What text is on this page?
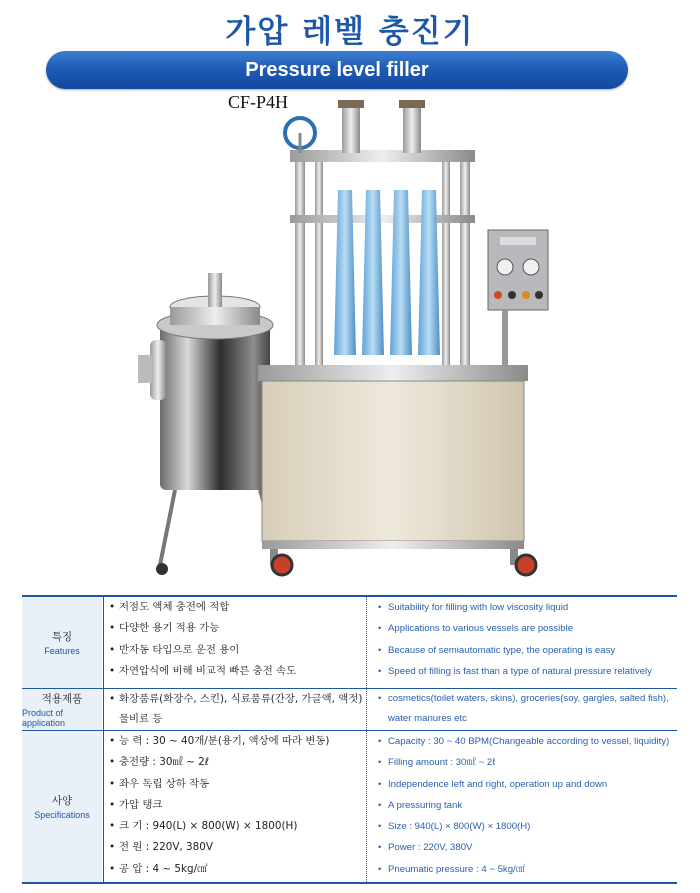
가압 레벨 충진기
Pressure level filler
CF-P4H
특징
Features
• 저점도 액체 충전에 적합
• 다양한 용기 적용 가능
• 반자동 타입으로 운전 용이
• 자연압식에 비해 비교적 빠른 충전 속도
• Suitability for filling with low viscosity liquid
• Applications to various vessels are possible
• Because of semiautomatic type, the operating is easy
• Speed of filling is fast than a type of natural pressure relatively
적용제품
Product of application
• 화장품류(화장수, 스킨), 식료품류(간장, 가글액, 액젓)
물비료 등
• cosmetics(toilet waters, skins), groceries(soy, gargles, salted fish),
water manures etc
사양
Specifications
• 능 력 : 30 ~ 40개/분(용기, 액상에 따라 변동)
• 충전량 : 30㎖ ~ 2ℓ
• 좌우 독립 상하 작동
• 가압 탱크
• 크 기 : 940(L) × 800(W) × 1800(H)
• 전 원 : 220V, 380V
• 공 압 : 4 ~ 5kg/㎠
• Capacity : 30 ~ 40 BPM(Changeable according to vessel, liquidity)
• Filling amount : 30㎖ ~ 2ℓ
• Independence left and right, operation up and down
• A pressuring tank
• Size : 940(L) × 800(W) × 1800(H)
• Power : 220V, 380V
• Pneumatic pressure : 4 ~ 5kg/㎠
